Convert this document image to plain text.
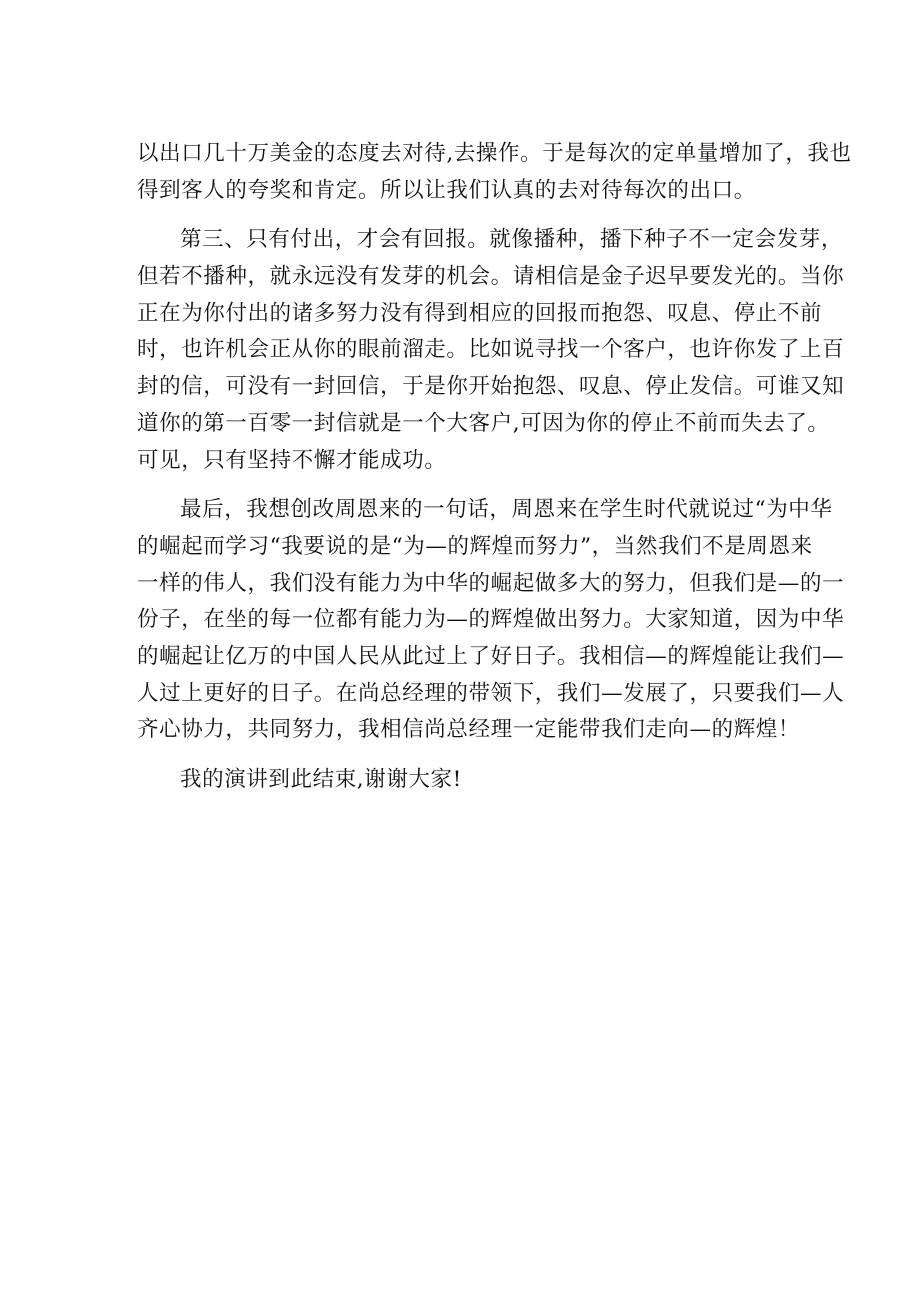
以出口几十万美金的态度去对待,去操作。于是每次的定单量增加了，我也
得到客人的夸奖和肯定。所以让我们认真的去对待每次的出口。
第三、只有付出，才会有回报。就像播种，播下种子不一定会发芽，
但若不播种，就永远没有发芽的机会。请相信是金子迟早要发光的。当你
正在为你付出的诸多努力没有得到相应的回报而抱怨、叹息、停止不前
时，也许机会正从你的眼前溜走。比如说寻找一个客户，也许你发了上百
封的信，可没有一封回信，于是你开始抱怨、叹息、停止发信。可谁又知
道你的第一百零一封信就是一个大客户,可因为你的停止不前而失去了。
可见，只有坚持不懈才能成功。
最后，我想创改周恩来的一句话，周恩来在学生时代就说过“为中华
的崛起而学习“我要说的是“为—的辉煌而努力”，当然我们不是周恩来
一样的伟人，我们没有能力为中华的崛起做多大的努力，但我们是—的一
份子，在坐的每一位都有能力为—的辉煌做出努力。大家知道，因为中华
的崛起让亿万的中国人民从此过上了好日子。我相信—的辉煌能让我们—
人过上更好的日子。在尚总经理的带领下，我们—发展了，只要我们—人
齐心协力，共同努力，我相信尚总经理一定能带我们走向—的辉煌！
我的演讲到此结束,谢谢大家!
